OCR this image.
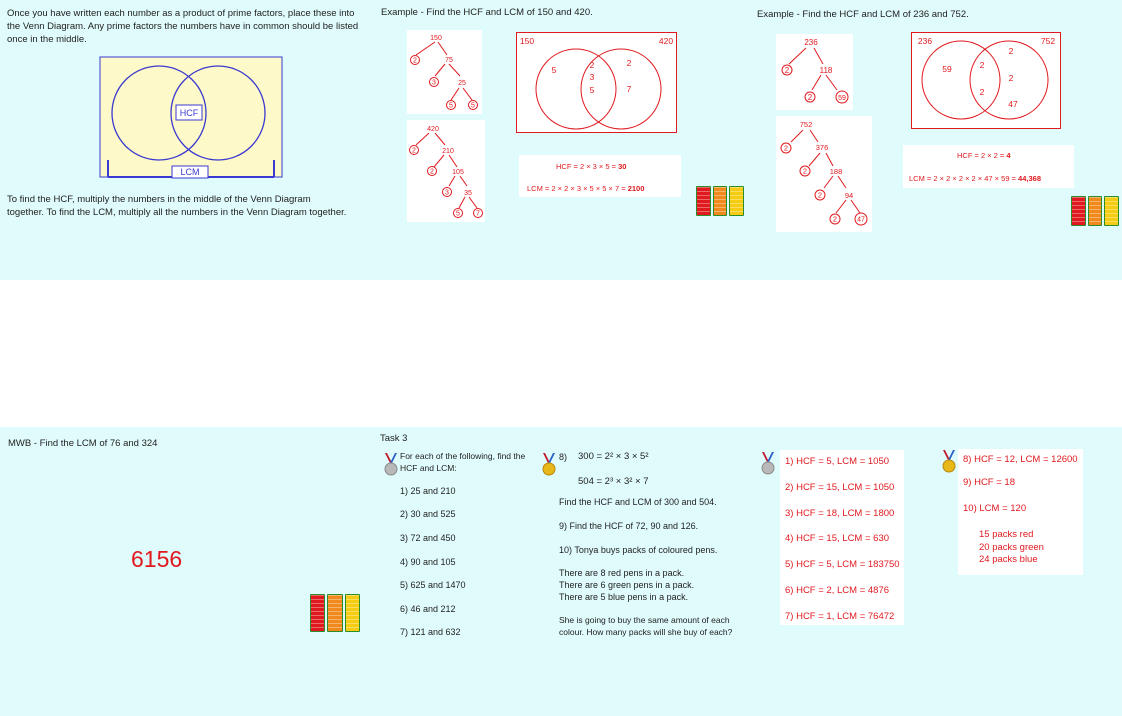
Once you have written each number as a product of prime factors, place these into the Venn Diagram. Any prime factors the numbers have in common should be listed once in the middle.
HCF
LCM
To find the HCF, multiply the numbers in the middle of the Venn Diagram together. To find the LCM, multiply all the numbers in the Venn Diagram together.
Example - Find the HCF and LCM of 150 and 420.
150
75
25
2
3
5	5
420
210
105
35
2
2
3
5 7
150	420
5	2
3
5
2
7
HCF = 2 × 3 × 5 = 30
LCM = 2 × 2 × 3 × 5 × 5 × 7 = 2100
Example - Find the HCF and LCM of 236 and 752.
236
118
2
2	59
752
376
188
94
2
2
2
2	47
236	752
59	2
2
2
2
47
HCF = 2 × 2 = 4
LCM = 2 × 2 × 2 × 2 × 47 × 59 = 44,368
MWB - Find the LCM of 76 and 324
6156
Task 3
For each of the following, find the HCF and LCM:
1) 25 and 210
2) 30 and 525
3) 72 and 450
4) 90 and 105
5) 625 and 1470
6) 46 and 212
7) 121 and 632
8) 300 = 2² × 3 × 5²
504 = 2³ × 3² × 7
Find the HCF and LCM of 300 and 504.
9) Find the HCF of 72, 90 and 126.
10) Tonya buys packs of coloured pens.
There are 8 red pens in a pack.
There are 6 green pens in a pack.
There are 5 blue pens in a pack.
She is going to buy the same amount of each colour. How many packs will she buy of each?
1) HCF = 5, LCM = 1050
2) HCF = 15, LCM = 1050
3) HCF = 18, LCM = 1800
4) HCF = 15, LCM = 630
5) HCF = 5, LCM = 183750
6) HCF = 2, LCM = 4876
7) HCF = 1, LCM = 76472
8) HCF = 12, LCM = 12600
9) HCF = 18
10) LCM = 120
15 packs red
20 packs green
24 packs blue
